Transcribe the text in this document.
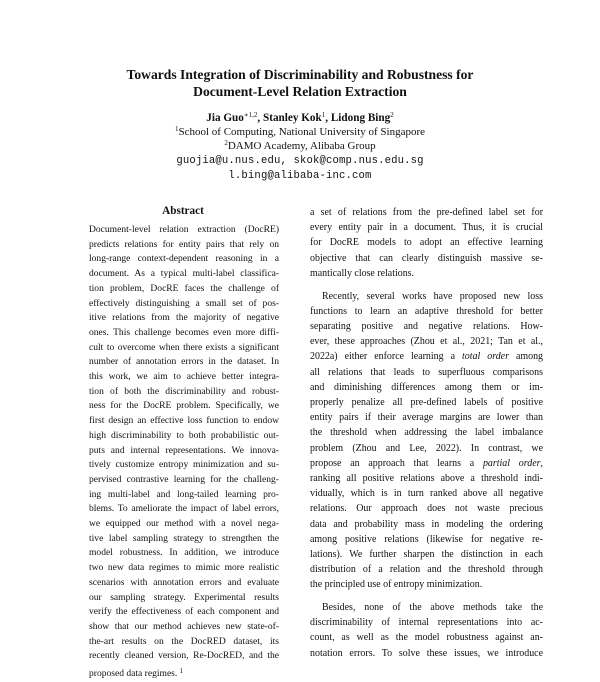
Towards Integration of Discriminability and Robustness for
Document-Level Relation Extraction
Jia Guo$^{∗1,2}$, Stanley Kok$^1$, Lidong Bing$^2$
$^1$School of Computing, National University of Singapore
$^2$DAMO Academy, Alibaba Group
guojia@u.nus.edu, skok@comp.nus.edu.sg
l.bing@alibaba-inc.com
Abstract
Document-level relation extraction (DocRE)
predicts relations for entity pairs that rely on
long-range context-dependent reasoning in a
document. As a typical multi-label classifica-
tion problem, DocRE faces the challenge of
effectively distinguishing a small set of pos-
itive relations from the majority of negative
ones. This challenge becomes even more diffi-
cult to overcome when there exists a significant
number of annotation errors in the dataset. In
this work, we aim to achieve better integra-
tion of both the discriminability and robust-
ness for the DocRE problem. Specifically, we
first design an effective loss function to endow
high discriminability to both probabilistic out-
puts and internal representations. We innova-
tively customize entropy minimization and su-
pervised contrastive learning for the challeng-
ing multi-label and long-tailed learning pro-
blems. To ameliorate the impact of label errors,
we equipped our method with a novel nega-
tive label sampling strategy to strengthen the
model robustness. In addition, we introduce
two new data regimes to mimic more realistic
scenarios with annotation errors and evaluate
our sampling strategy. Experimental results
verify the effectiveness of each component and
show that our method achieves new state-of-
the-art results on the DocRED dataset, its
recently cleaned version, Re-DocRED, and the
proposed data regimes. $^1$
a set of relations from the pre-defined label set for
every entity pair in a document. Thus, it is crucial
for DocRE models to adopt an effective learning
objective that can clearly distinguish massive se-
mantically close relations.
Recently, several works have proposed new loss
functions to learn an adaptive threshold for better
separating positive and negative relations. How-
ever, these approaches (Zhou et al., 2021; Tan et al.,
2022a) either enforce learning a total order among
all relations that leads to superfluous comparisons
and diminishing differences among them or im-
properly penalize all pre-defined labels of positive
entity pairs if their average margins are lower than
the threshold when addressing the label imbalance
problem (Zhou and Lee, 2022). In contrast, we
propose an approach that learns a partial order,
ranking all positive relations above a threshold indi-
vidually, which is in turn ranked above all negative
relations. Our approach does not waste precious
data and probability mass in modeling the ordering
among positive relations (likewise for negative re-
lations). We further sharpen the distinction in each
distribution of a relation and the threshold through
the principled use of entropy minimization.
Besides, none of the above methods take the
discriminability of internal representations into ac-
count, as well as the model robustness against an-
notation errors. To solve these issues, we introduce
